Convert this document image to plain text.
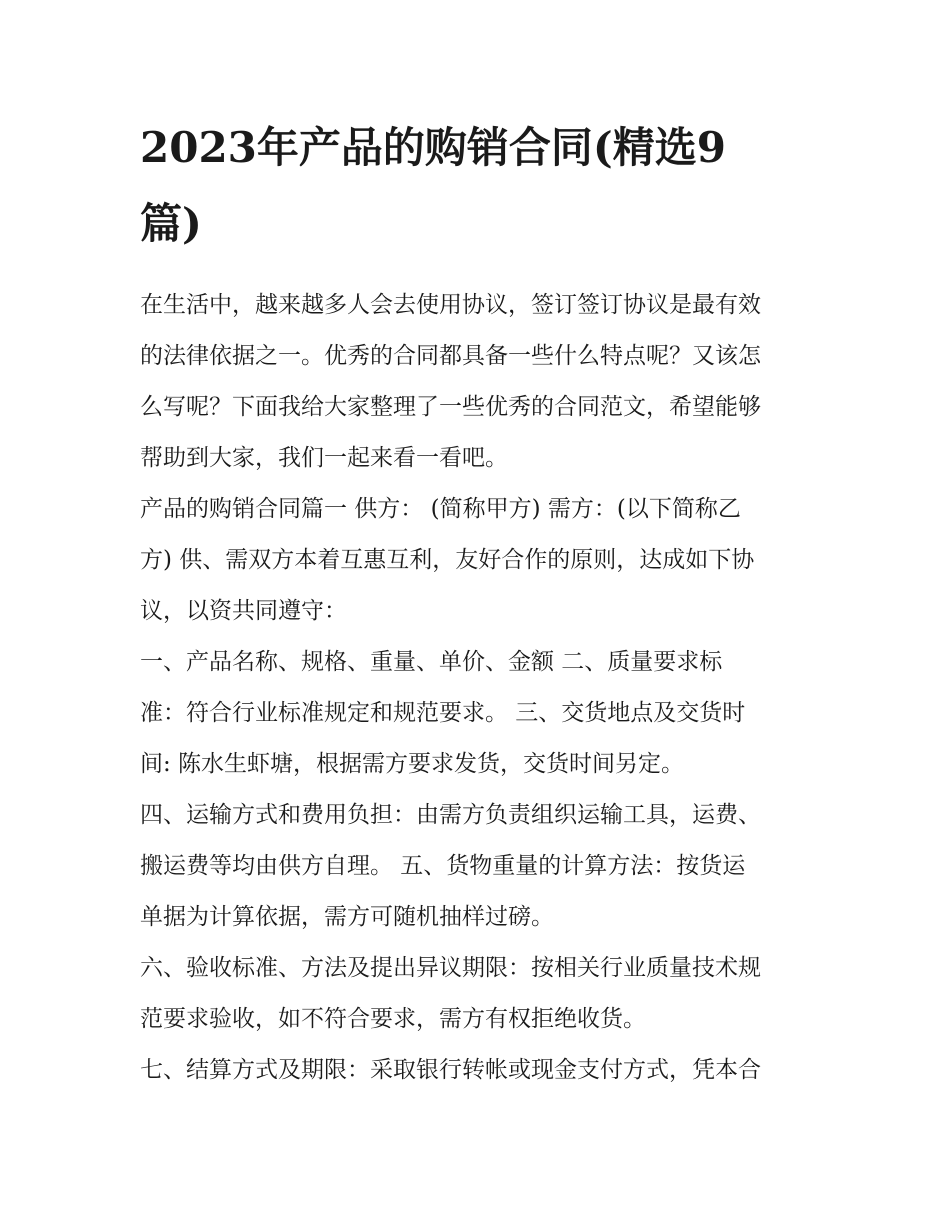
2023年产品的购销合同(精选9
篇)

在生活中，越来越多人会去使用协议，签订签订协议是最有效
的法律依据之一。优秀的合同都具备一些什么特点呢？又该怎
么写呢？下面我给大家整理了一些优秀的合同范文，希望能够
帮助到大家，我们一起来看一看吧。

产品的购销合同篇一 供方： (简称甲方) 需方：(以下简称乙
方) 供、需双方本着互惠互利，友好合作的原则，达成如下协
议，以资共同遵守：

一、产品名称、规格、重量、单价、金额 二、质量要求标
准：符合行业标准规定和规范要求。 三、交货地点及交货时
间: 陈水生虾塘，根据需方要求发货，交货时间另定。

四、运输方式和费用负担：由需方负责组织运输工具，运费、
搬运费等均由供方自理。 五、货物重量的计算方法：按货运
单据为计算依据，需方可随机抽样过磅。

六、验收标准、方法及提出异议期限：按相关行业质量技术规
范要求验收，如不符合要求，需方有权拒绝收货。

七、结算方式及期限：采取银行转帐或现金支付方式，凭本合
